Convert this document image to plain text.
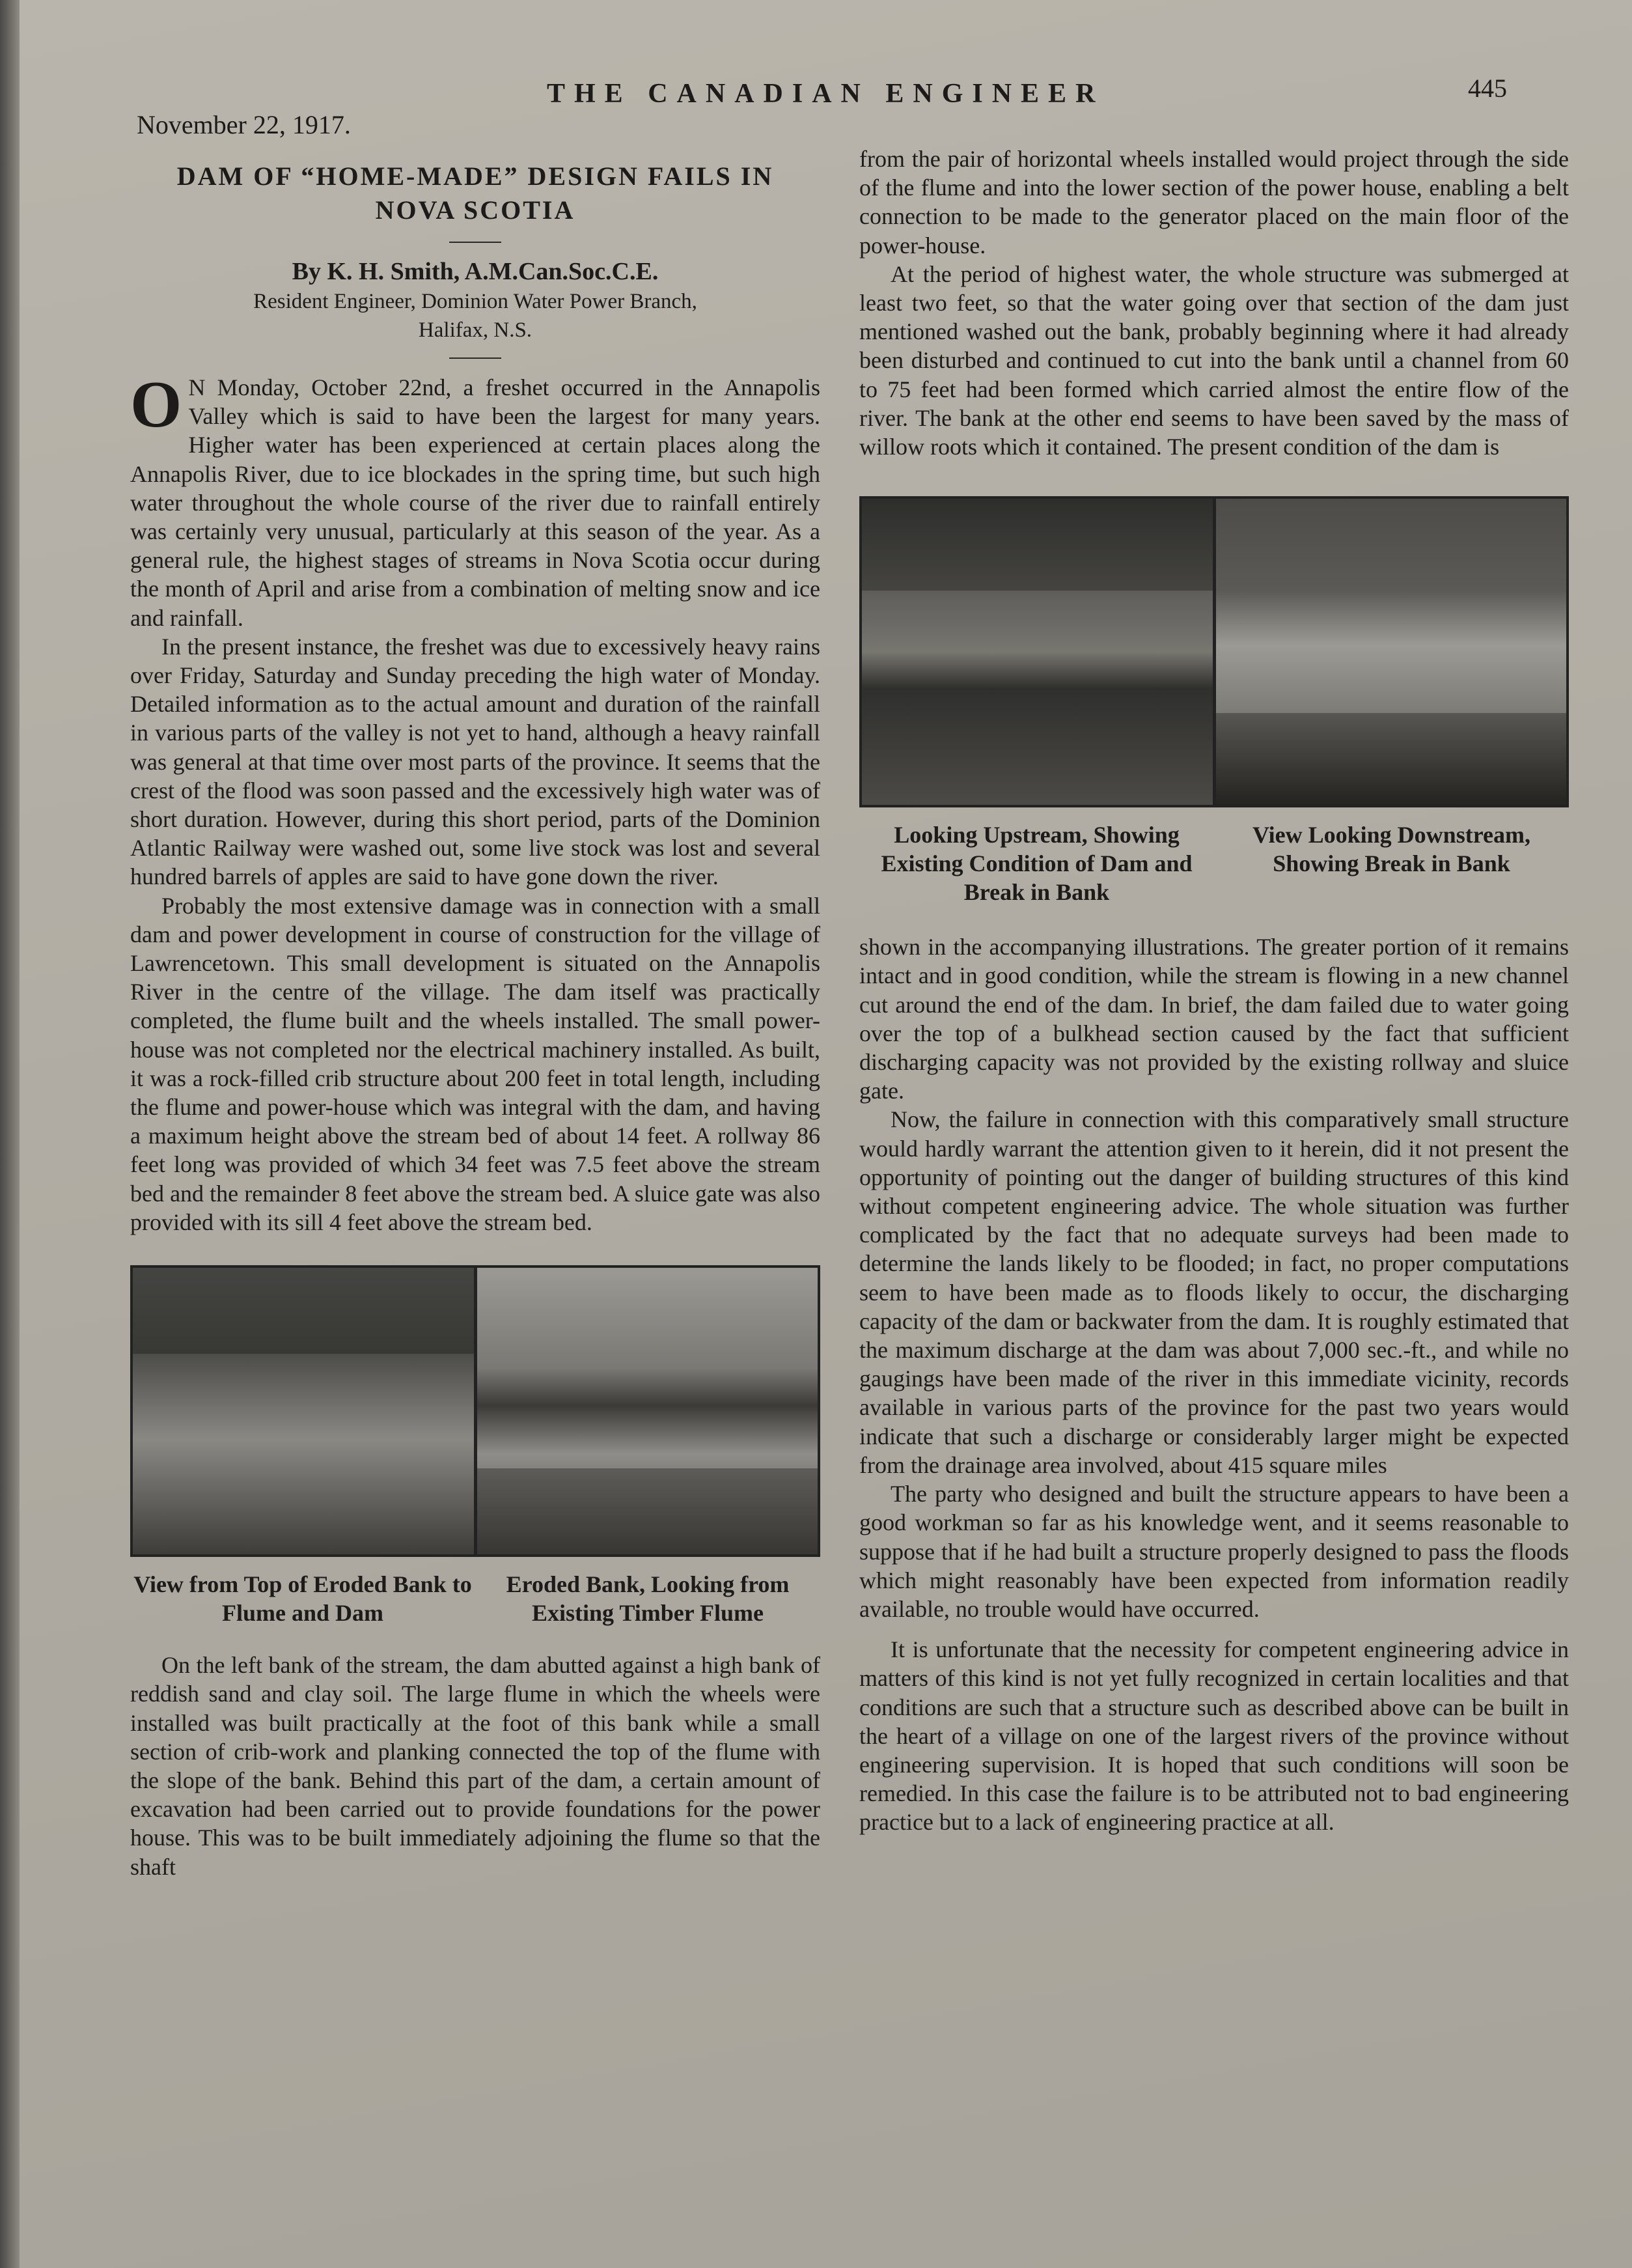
November 22, 1917.
THE CANADIAN ENGINEER	445
DAM OF “HOME-MADE” DESIGN FAILS IN
NOVA SCOTIA
By K. H. Smith, A.M.Can.Soc.C.E.
Resident Engineer, Dominion Water Power Branch,
Halifax, N.S.

O N Monday, October 22nd, a freshet occurred in the Annapolis Valley which is said to have been the largest for many years. Higher water has been experienced at certain places along the Annapolis River, due to ice blockades in the spring time, but such high water throughout the whole course of the river due to rainfall entirely was certainly very unusual, particularly at this season of the year. As a general rule, the highest stages of streams in Nova Scotia occur during the month of April and arise from a combination of melting snow and ice and rainfall.

In the present instance, the freshet was due to excessively heavy rains over Friday, Saturday and Sunday preceding the high water of Monday. Detailed information as to the actual amount and duration of the rainfall in various parts of the valley is not yet to hand, although a heavy rainfall was general at that time over most parts of the province. It seems that the crest of the flood was soon passed and the excessively high water was of short duration. However, during this short period, parts of the Dominion Atlantic Railway were washed out, some live stock was lost and several hundred barrels of apples are said to have gone down the river.

Probably the most extensive damage was in connection with a small dam and power development in course of construction for the village of Lawrencetown. This small development is situated on the Annapolis River in the centre of the village. The dam itself was practically completed, the flume built and the wheels installed. The small power-house was not completed nor the electrical machinery installed. As built, it was a rock-filled crib structure about 200 feet in total length, including the flume and power-house which was integral with the dam, and having a maximum height above the stream bed of about 14 feet. A rollway 86 feet long was provided of which 34 feet was 7.5 feet above the stream bed and the remainder 8 feet above the stream bed. A sluice gate was also provided with its sill 4 feet above the stream bed.

View from Top of Eroded Bank to Flume and Dam
Eroded Bank, Looking from Existing Timber Flume

On the left bank of the stream, the dam abutted against a high bank of reddish sand and clay soil. The large flume in which the wheels were installed was built practically at the foot of this bank while a small section of crib-work and planking connected the top of the flume with the slope of the bank. Behind this part of the dam, a certain amount of excavation had been carried out to provide foundations for the power house. This was to be built immediately adjoining the flume so that the shaft

from the pair of horizontal wheels installed would project through the side of the flume and into the lower section of the power house, enabling a belt connection to be made to the generator placed on the main floor of the power-house.

At the period of highest water, the whole structure was submerged at least two feet, so that the water going over that section of the dam just mentioned washed out the bank, probably beginning where it had already been disturbed and continued to cut into the bank until a channel from 60 to 75 feet had been formed which carried almost the entire flow of the river. The bank at the other end seems to have been saved by the mass of willow roots which it contained. The present condition of the dam is

Looking Upstream, Showing Existing Condition of Dam and Break in Bank
View Looking Downstream, Showing Break in Bank

shown in the accompanying illustrations. The greater portion of it remains intact and in good condition, while the stream is flowing in a new channel cut around the end of the dam. In brief, the dam failed due to water going over the top of a bulkhead section caused by the fact that sufficient discharging capacity was not provided by the existing rollway and sluice gate.

Now, the failure in connection with this comparatively small structure would hardly warrant the attention given to it herein, did it not present the opportunity of pointing out the danger of building structures of this kind without competent engineering advice. The whole situation was further complicated by the fact that no adequate surveys had been made to determine the lands likely to be flooded; in fact, no proper computations seem to have been made as to floods likely to occur, the discharging capacity of the dam or backwater from the dam. It is roughly estimated that the maximum discharge at the dam was about 7,000 sec.-ft., and while no gaugings have been made of the river in this immediate vicinity, records available in various parts of the province for the past two years would indicate that such a discharge or considerably larger might be expected from the drainage area involved, about 415 square miles

The party who designed and built the structure appears to have been a good workman so far as his knowledge went, and it seems reasonable to suppose that if he had built a structure properly designed to pass the floods which might reasonably have been expected from information readily available, no trouble would have occurred.

It is unfortunate that the necessity for competent engineering advice in matters of this kind is not yet fully recognized in certain localities and that conditions are such that a structure such as described above can be built in the heart of a village on one of the largest rivers of the province without engineering supervision. It is hoped that such conditions will soon be remedied. In this case the failure is to be attributed not to bad engineering practice but to a lack of engineering practice at all.
